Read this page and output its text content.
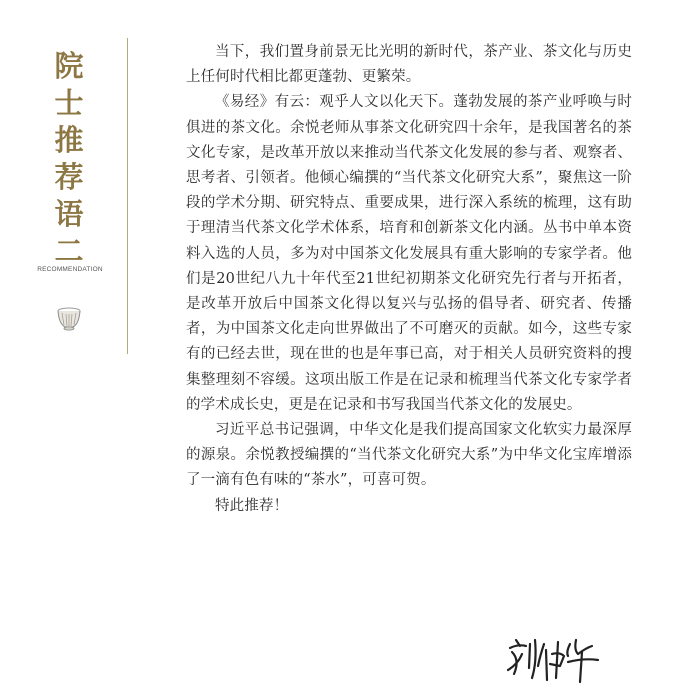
院
士
推
荐
语
二
RECOMMENDATION

当下，我们置身前景无比光明的新时代，茶产业、茶文化与历史上任何时代相比都更蓬勃、更繁荣。

《易经》有云：观乎人文以化天下。蓬勃发展的茶产业呼唤与时俱进的茶文化。余悦老师从事茶文化研究四十余年，是我国著名的茶文化专家，是改革开放以来推动当代茶文化发展的参与者、观察者、思考者、引领者。他倾心编撰的“当代茶文化研究大系”，聚焦这一阶段的学术分期、研究特点、重要成果，进行深入系统的梳理，这有助于理清当代茶文化学术体系，培育和创新茶文化内涵。丛书中单本资料入选的人员，多为对中国茶文化发展具有重大影响的专家学者。他们是20世纪八九十年代至21世纪初期茶文化研究先行者与开拓者，是改革开放后中国茶文化得以复兴与弘扬的倡导者、研究者、传播者，为中国茶文化走向世界做出了不可磨灭的贡献。如今，这些专家有的已经去世，现在世的也是年事已高，对于相关人员研究资料的搜集整理刻不容缓。这项出版工作是在记录和梳理当代茶文化专家学者的学术成长史，更是在记录和书写我国当代茶文化的发展史。

习近平总书记强调，中华文化是我们提高国家文化软实力最深厚的源泉。余悦教授编撰的“当代茶文化研究大系”为中华文化宝库增添了一滴有色有味的“茶水”，可喜可贺。

特此推荐！
